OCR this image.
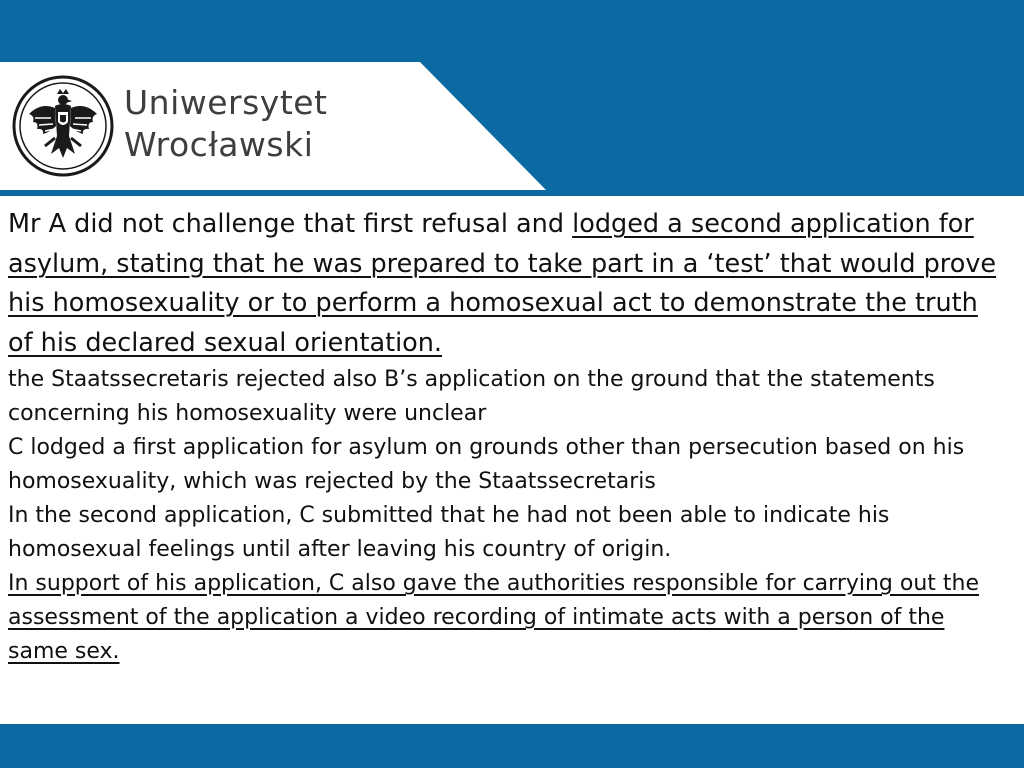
Uniwersytet
Wrocławski

Mr A did not challenge that first refusal and lodged a second application for asylum, stating that he was prepared to take part in a ‘test’ that would prove his homosexuality or to perform a homosexual act to demonstrate the truth of his declared sexual orientation.

the Staatssecretaris rejected also B’s application on the ground that the statements concerning his homosexuality were unclear

C lodged a first application for asylum on grounds other than persecution based on his homosexuality, which was rejected by the Staatssecretaris

In the second application, C submitted that he had not been able to indicate his homosexual feelings until after leaving his country of origin.

In support of his application, C also gave the authorities responsible for carrying out the assessment of the application a video recording of intimate acts with a person of the same sex.
